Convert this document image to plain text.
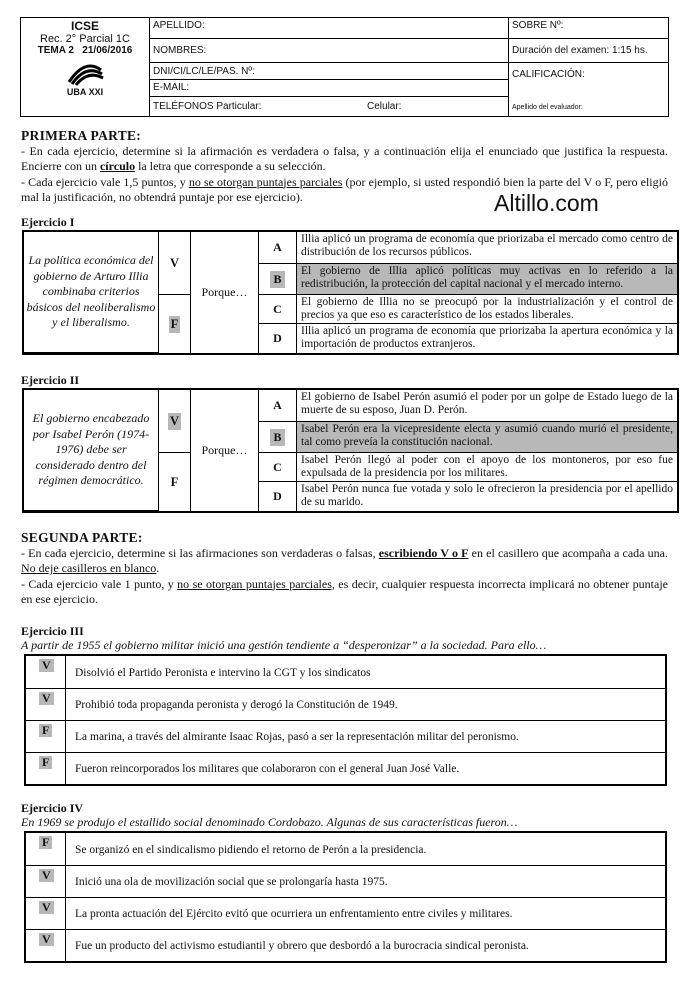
ICSE
Rec. 2° Parcial 1C
TEMA 2 21/06/2016
UBA XXI
APELLIDO:
NOMBRES:
DNI/CI/LC/LE/PAS. Nº:
E-MAIL:
TELÉFONOS Particular:	Celular:
SOBRE Nº:
Duración del examen: 1:15 hs.
CALIFICACIÓN:
Apellido del evaluador:
PRIMERA PARTE:
- En cada ejercicio, determine si la afirmación es verdadera o falsa, y a continuación elija el enunciado que justifica la respuesta. Encierre con un círculo la letra que corresponde a su selección.
- Cada ejercicio vale 1,5 puntos, y no se otorgan puntajes parciales (por ejemplo, si usted respondió bien la parte del V o F, pero eligió mal la justificación, no obtendrá puntaje por ese ejercicio).	Altillo.com
Ejercicio I
La política económica del gobierno de Arturo Illia combinaba criterios básicos del neoliberalismo y el liberalismo.
V
F
Porque…
A
Illia aplicó un programa de economía que priorizaba el mercado como centro de distribución de los recursos públicos.
B
El gobierno de Illia aplicó políticas muy activas en lo referido a la redistribución, la protección del capital nacional y el mercado interno.
C	El gobierno de Illia no se preocupó por la industrialización y el control de precios ya que eso es característico de los estados liberales.
D	Illia aplicó un programa de economía que priorizaba la apertura económica y la importación de productos extranjeros.
Ejercicio II
El gobierno encabezado por Isabel Perón (1974-1976) debe ser considerado dentro del régimen democrático.
V
F
Porque…
A
El gobierno de Isabel Perón asumió el poder por un golpe de Estado luego de la muerte de su esposo, Juan D. Perón.
B
Isabel Perón era la vicepresidente electa y asumió cuando murió el presidente, tal como preveía la constitución nacional.
C	Isabel Perón llegó al poder con el apoyo de los montoneros, por eso fue expulsada de la presidencia por los militares.
D	Isabel Perón nunca fue votada y solo le ofrecieron la presidencia por el apellido de su marido.
SEGUNDA PARTE:
- En cada ejercicio, determine si las afirmaciones son verdaderas o falsas, escribiendo V o F en el casillero que acompaña a cada una. No deje casilleros en blanco.
- Cada ejercicio vale 1 punto, y no se otorgan puntajes parciales, es decir, cualquier respuesta incorrecta implicará no obtener puntaje en ese ejercicio.
Ejercicio III
A partir de 1955 el gobierno militar inició una gestión tendiente a “desperonizar” a la sociedad. Para ello…
V
Disolvió el Partido Peronista e intervino la CGT y los sindicatos
V Prohibió toda propaganda peronista y derogó la Constitución de 1949.
F La marina, a través del almirante Isaac Rojas, pasó a ser la representación militar del peronismo.
F Fueron reincorporados los militares que colaboraron con el general Juan José Valle.
Ejercicio IV
En 1969 se produjo el estallido social denominado Cordobazo. Algunas de sus características fueron…
F
Se organizó en el sindicalismo pidiendo el retorno de Perón a la presidencia.
V Inició una ola de movilización social que se prolongaría hasta 1975.
V La pronta actuación del Ejército evitó que ocurriera un enfrentamiento entre civiles y militares.
V Fue un producto del activismo estudiantil y obrero que desbordó a la burocracia sindical peronista.
